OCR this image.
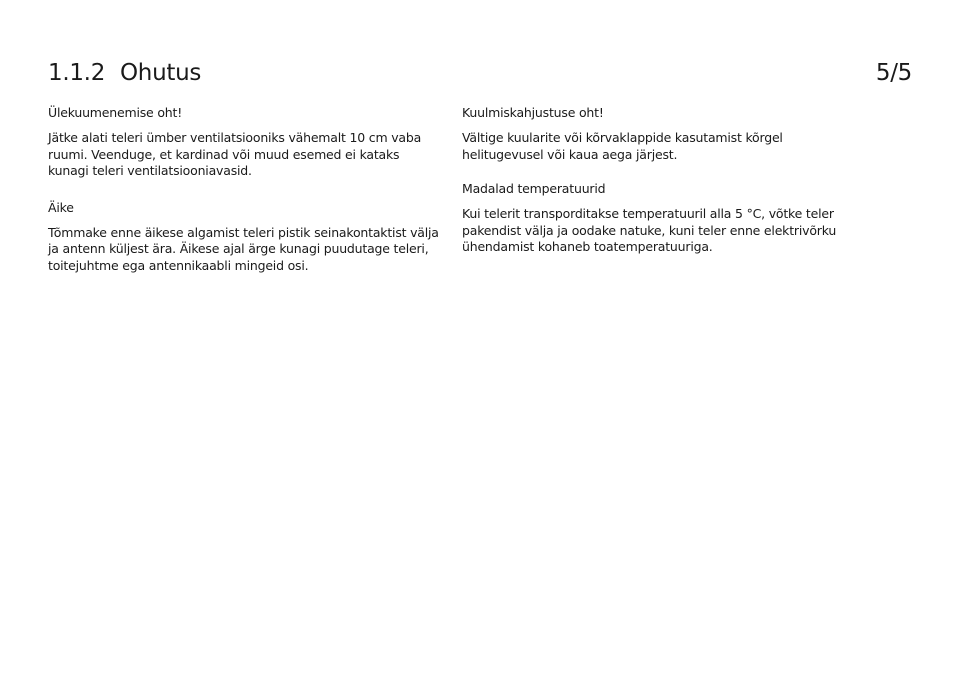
1.1.2 Ohutus	5/5

Ülekuumenemise oht!

Jätke alati teleri ümber ventilatsiooniks vähemalt 10 cm vaba ruumi. Veenduge, et kardinad või muud esemed ei kataks kunagi teleri ventilatsiooniavasid.

Äike

Tõmmake enne äikese algamist teleri pistik seinakontaktist välja ja antenn küljest ära. Äikese ajal ärge kunagi puudutage teleri, toitejuhtme ega antennikaabli mingeid osi.

Kuulmiskahjustuse oht!

Vältige kuularite või kõrvaklappide kasutamist kõrgel helitugevusel või kaua aega järjest.

Madalad temperatuurid

Kui telerit transporditakse temperatuuril alla 5 °C, võtke teler pakendist välja ja oodake natuke, kuni teler enne elektrivõrku ühendamist kohaneb toatemperatuuriga.
